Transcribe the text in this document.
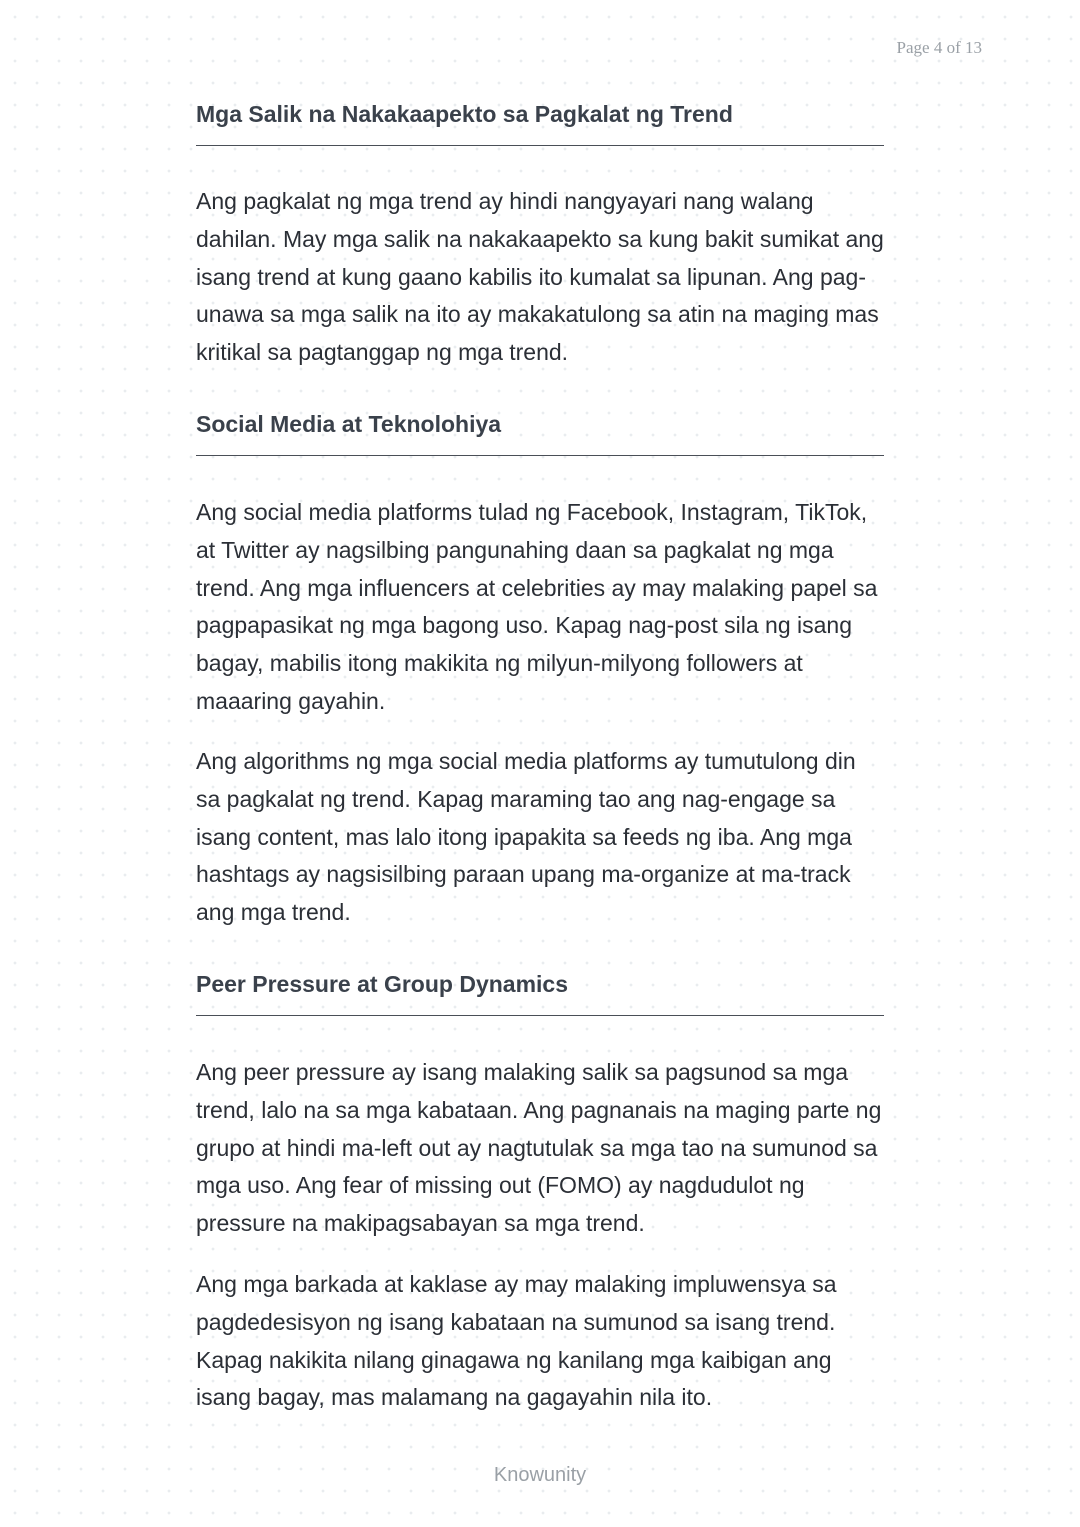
Page 4 of 13
Mga Salik na Nakakaapekto sa Pagkalat ng Trend

Ang pagkalat ng mga trend ay hindi nangyayari nang walang dahilan. May mga salik na nakakaapekto sa kung bakit sumikat ang isang trend at kung gaano kabilis ito kumalat sa lipunan. Ang pag-unawa sa mga salik na ito ay makakatulong sa atin na maging mas kritikal sa pagtanggap ng mga trend.

Social Media at Teknolohiya

Ang social media platforms tulad ng Facebook, Instagram, TikTok, at Twitter ay nagsilbing pangunahing daan sa pagkalat ng mga trend. Ang mga influencers at celebrities ay may malaking papel sa pagpapasikat ng mga bagong uso. Kapag nag-post sila ng isang bagay, mabilis itong makikita ng milyun-milyong followers at maaaring gayahin.

Ang algorithms ng mga social media platforms ay tumutulong din sa pagkalat ng trend. Kapag maraming tao ang nag-engage sa isang content, mas lalo itong ipapakita sa feeds ng iba. Ang mga hashtags ay nagsisilbing paraan upang ma-organize at ma-track ang mga trend.

Peer Pressure at Group Dynamics

Ang peer pressure ay isang malaking salik sa pagsunod sa mga trend, lalo na sa mga kabataan. Ang pagnanais na maging parte ng grupo at hindi ma-left out ay nagtutulak sa mga tao na sumunod sa mga uso. Ang fear of missing out (FOMO) ay nagdudulot ng pressure na makipagsabayan sa mga trend.

Ang mga barkada at kaklase ay may malaking impluwensya sa pagdedesisyon ng isang kabataan na sumunod sa isang trend. Kapag nakikita nilang ginagawa ng kanilang mga kaibigan ang isang bagay, mas malamang na gagayahin nila ito.

Knowunity
